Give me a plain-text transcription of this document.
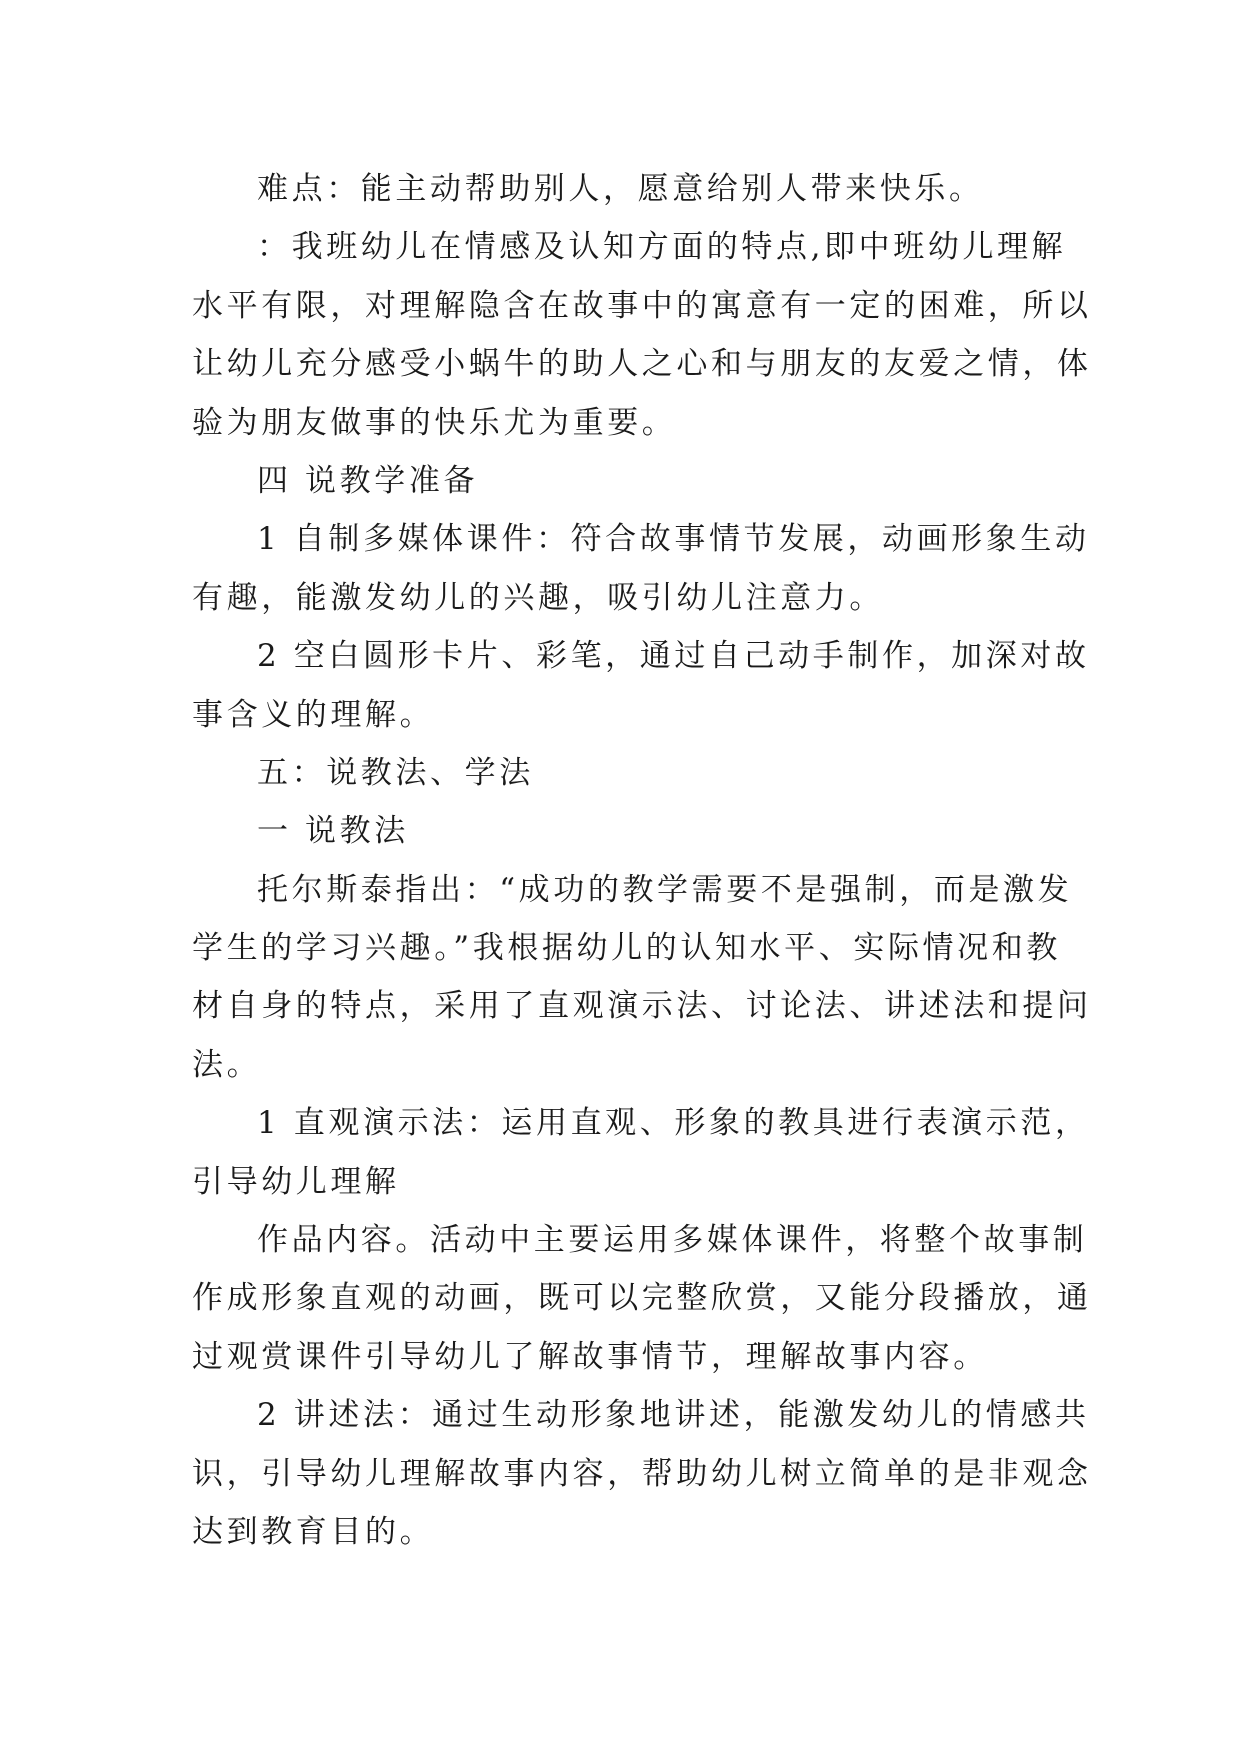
难点：能主动帮助别人，愿意给别人带来快乐。
：我班幼儿在情感及认知方面的特点,即中班幼儿理解
水平有限，对理解隐含在故事中的寓意有一定的困难，所以
让幼儿充分感受小蜗牛的助人之心和与朋友的友爱之情，体
验为朋友做事的快乐尤为重要。
四 说教学准备
1 自制多媒体课件：符合故事情节发展，动画形象生动
有趣，能激发幼儿的兴趣，吸引幼儿注意力。
2 空白圆形卡片、彩笔，通过自己动手制作，加深对故
事含义的理解。
五：说教法、学法
一 说教法
托尔斯泰指出：“成功的教学需要不是强制，而是激发
学生的学习兴趣。”我根据幼儿的认知水平、实际情况和教
材自身的特点，采用了直观演示法、讨论法、讲述法和提问
法。
1 直观演示法：运用直观、形象的教具进行表演示范，
引导幼儿理解
作品内容。活动中主要运用多媒体课件，将整个故事制
作成形象直观的动画，既可以完整欣赏，又能分段播放，通
过观赏课件引导幼儿了解故事情节，理解故事内容。
2 讲述法：通过生动形象地讲述，能激发幼儿的情感共
识，引导幼儿理解故事内容，帮助幼儿树立简单的是非观念
达到教育目的。
